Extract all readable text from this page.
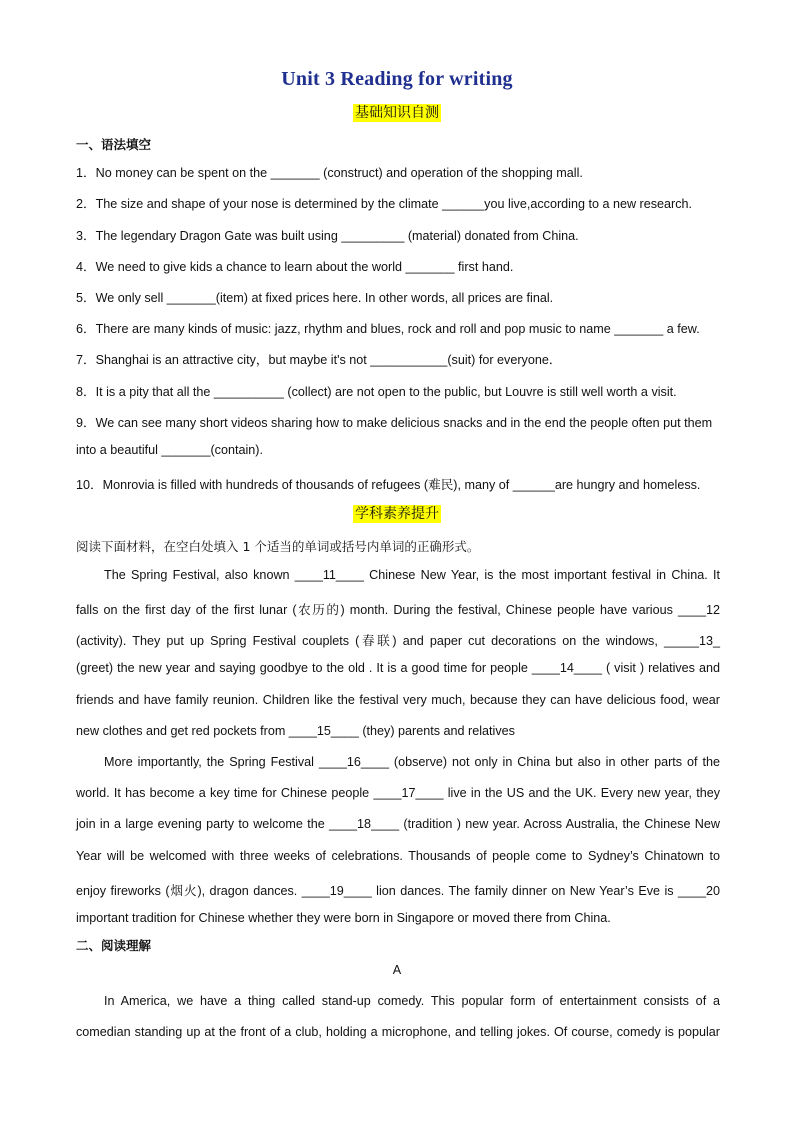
Unit 3 Reading for writing
基础知识自测
一、语法填空
1．No money can be spent on the _______ (construct) and operation of the shopping mall.
2．The size and shape of your nose is determined by the climate ______you live,according to a new research.
3．The legendary Dragon Gate was built using _________ (material) donated from China.
4．We need to give kids a chance to learn about the world _______ first hand.
5．We only sell _______(item) at fixed prices here. In other words, all prices are final.
6．There are many kinds of music: jazz, rhythm and blues, rock and roll and pop music to name _______ a few.
7．Shanghai is an attractive city，but maybe it's not ___________(suit) for everyone．
8．It is a pity that all the __________ (collect) are not open to the public, but Louvre is still well worth a visit.
9．We can see many short videos sharing how to make delicious snacks and in the end the people often put them
into a beautiful _______(contain).
10．Monrovia is filled with hundreds of thousands of refugees (难民), many of ______are hungry and homeless.
学科素养提升
阅读下面材料，在空白处填入 1 个适当的单词或括号内单词的正确形式。
The Spring Festival, also known ____11____ Chinese New Year, is the most important festival in China. It
falls on the first day of the first lunar (农历的) month. During the festival, Chinese people have various ____12
(activity). They put up Spring Festival couplets (春联) and paper cut decorations on the windows, _____13_
(greet) the new year and saying goodbye to the old . It is a good time for people ____14____ ( visit ) relatives and
friends and have family reunion. Children like the festival very much, because they can have delicious food, wear
new clothes and get red pockets from ____15____ (they) parents and relatives
More importantly, the Spring Festival ____16____ (observe) not only in China but also in other parts of the
world. It has become a key time for Chinese people ____17____ live in the US and the UK. Every new year, they
join in a large evening party to welcome the ____18____ (tradition ) new year. Across Australia, the Chinese New
Year will be welcomed with three weeks of celebrations. Thousands of people come to Sydney’s Chinatown to
enjoy fireworks (烟火), dragon dances. ____19____ lion dances. The family dinner on New Year’s Eve is ____20
important tradition for Chinese whether they were born in Singapore or moved there from China.
二、阅读理解
A
In America, we have a thing called stand-up comedy. This popular form of entertainment consists of a
comedian standing up at the front of a club, holding a microphone, and telling jokes. Of course, comedy is popular
